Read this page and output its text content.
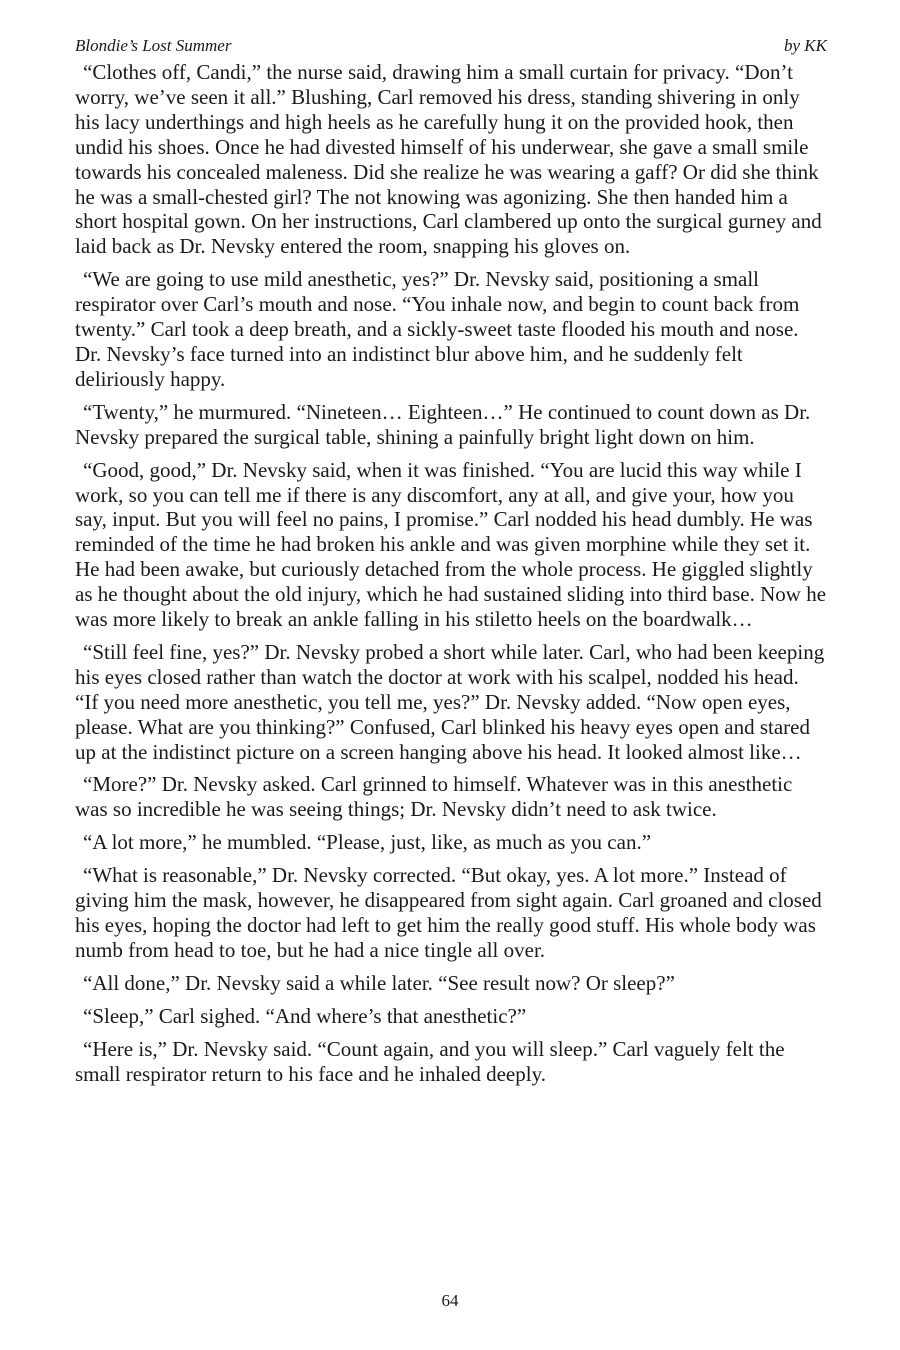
Blondie’s Lost Summer	by KK

“Clothes off, Candi,” the nurse said, drawing him a small curtain for privacy. “Don’t worry, we’ve seen it all.” Blushing, Carl removed his dress, standing shivering in only his lacy underthings and high heels as he carefully hung it on the provided hook, then undid his shoes. Once he had divested himself of his underwear, she gave a small smile towards his concealed maleness. Did she realize he was wearing a gaff? Or did she think he was a small-chested girl? The not knowing was agonizing. She then handed him a short hospital gown. On her instructions, Carl clambered up onto the surgical gurney and laid back as Dr. Nevsky entered the room, snapping his gloves on.

“We are going to use mild anesthetic, yes?” Dr. Nevsky said, positioning a small respirator over Carl’s mouth and nose. “You inhale now, and begin to count back from twenty.” Carl took a deep breath, and a sickly-sweet taste flooded his mouth and nose. Dr. Nevsky’s face turned into an indistinct blur above him, and he suddenly felt deliriously happy.

“Twenty,” he murmured. “Nineteen… Eighteen…” He continued to count down as Dr. Nevsky prepared the surgical table, shining a painfully bright light down on him.

“Good, good,” Dr. Nevsky said, when it was finished. “You are lucid this way while I work, so you can tell me if there is any discomfort, any at all, and give your, how you say, input. But you will feel no pains, I promise.” Carl nodded his head dumbly. He was reminded of the time he had broken his ankle and was given morphine while they set it. He had been awake, but curiously detached from the whole process. He giggled slightly as he thought about the old injury, which he had sustained sliding into third base. Now he was more likely to break an ankle falling in his stiletto heels on the boardwalk…

“Still feel fine, yes?” Dr. Nevsky probed a short while later. Carl, who had been keeping his eyes closed rather than watch the doctor at work with his scalpel, nodded his head. “If you need more anesthetic, you tell me, yes?” Dr. Nevsky added. “Now open eyes, please. What are you thinking?” Confused, Carl blinked his heavy eyes open and stared up at the indistinct picture on a screen hanging above his head. It looked almost like…

“More?” Dr. Nevsky asked. Carl grinned to himself. Whatever was in this anesthetic was so incredible he was seeing things; Dr. Nevsky didn’t need to ask twice.

“A lot more,” he mumbled. “Please, just, like, as much as you can.”

“What is reasonable,” Dr. Nevsky corrected. “But okay, yes. A lot more.” Instead of giving him the mask, however, he disappeared from sight again. Carl groaned and closed his eyes, hoping the doctor had left to get him the really good stuff. His whole body was numb from head to toe, but he had a nice tingle all over.

“All done,” Dr. Nevsky said a while later. “See result now? Or sleep?”

“Sleep,” Carl sighed. “And where’s that anesthetic?”

“Here is,” Dr. Nevsky said. “Count again, and you will sleep.” Carl vaguely felt the small respirator return to his face and he inhaled deeply.

64
